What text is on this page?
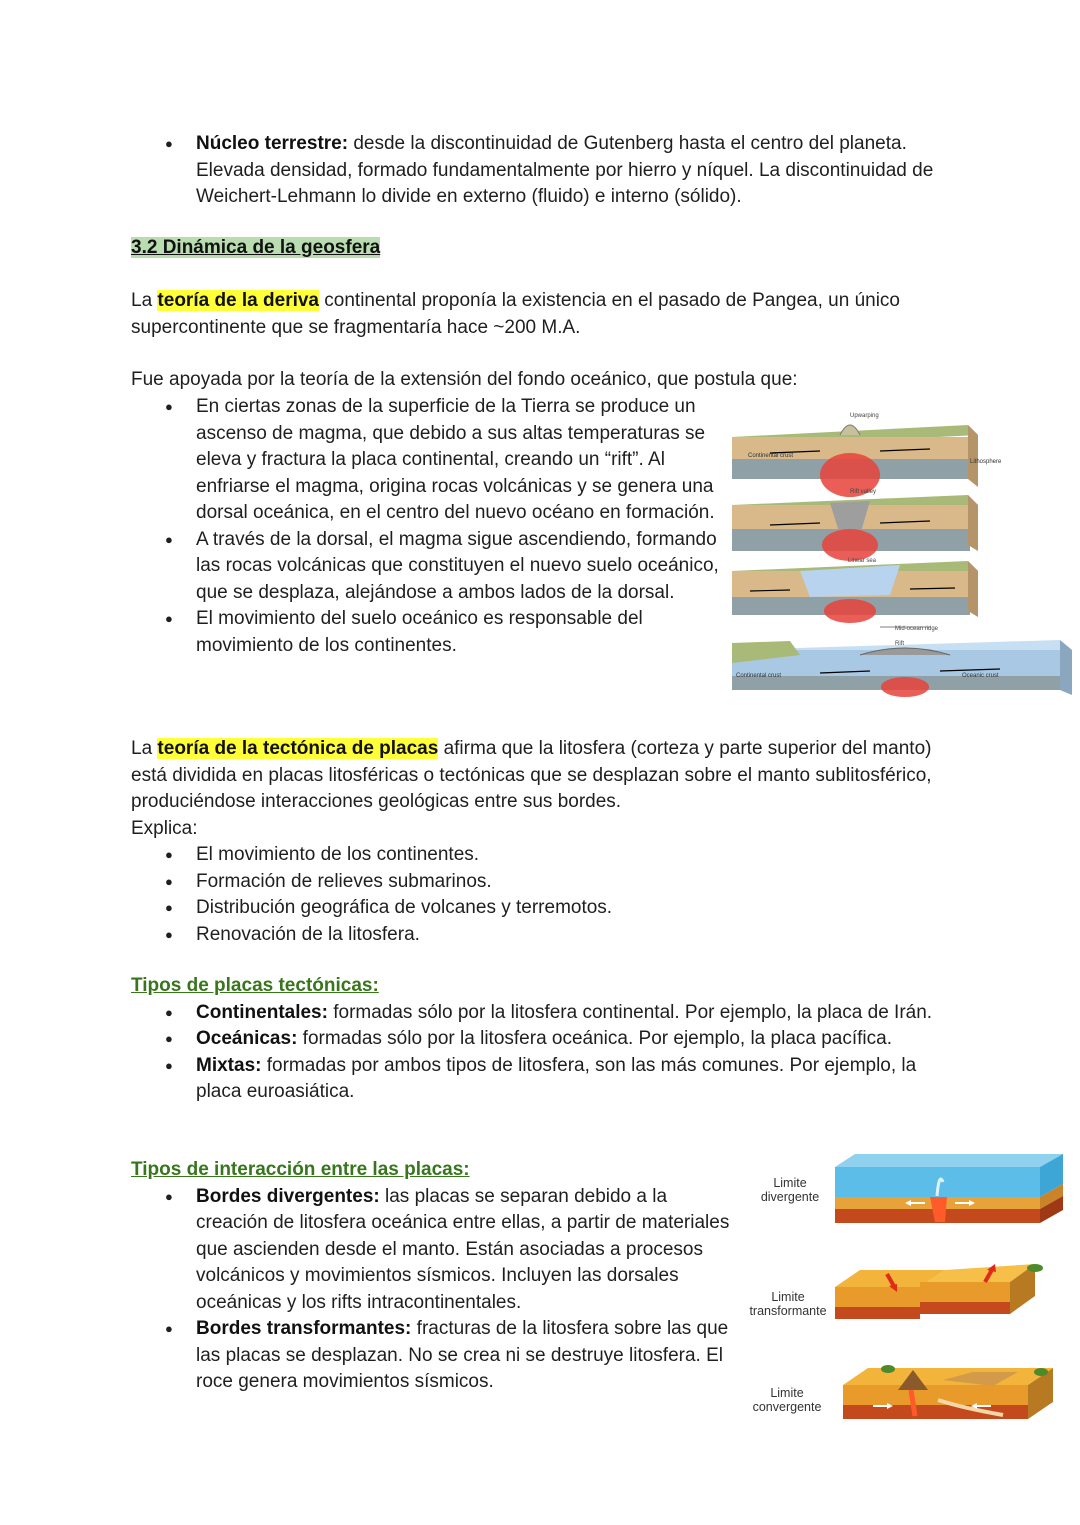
● Núcleo terrestre: desde la discontinuidad de Gutenberg hasta el centro del planeta. Elevada densidad, formado fundamentalmente por hierro y níquel. La discontinuidad de Weichert-Lehmann lo divide en externo (fluido) e interno (sólido).
3.2 Dinámica de la geosfera

La teoría de la deriva continental proponía la existencia en el pasado de Pangea, un único supercontinente que se fragmentaría hace ~200 M.A.

Fue apoyada por la teoría de la extensión del fondo oceánico, que postula que:

● En ciertas zonas de la superficie de la Tierra se produce un ascenso de magma, que debido a sus altas temperaturas se eleva y fractura la placa continental, creando un “rift”. Al enfriarse el magma, origina rocas volcánicas y se genera una dorsal oceánica, en el centro del nuevo océano en formación.
● A través de la dorsal, el magma sigue ascendiendo, formando las rocas volcánicas que constituyen el nuevo suelo oceánico, que se desplaza, alejándose a ambos lados de la dorsal.
● El movimiento del suelo oceánico es responsable del movimiento de los continentes.
Upwarping
Continental crust
Lithosphere
Rift valley
Linear sea
Mid-ocean ridge
Rift
Continental crust	Oceanic crust

La teoría de la tectónica de placas afirma que la litosfera (corteza y parte superior del manto) está dividida en placas litosféricas o tectónicas que se desplazan sobre el manto sublitosférico, produciéndose interacciones geológicas entre sus bordes.

Explica:

● El movimiento de los continentes.
● Formación de relieves submarinos.
● Distribución geográfica de volcanes y terremotos.
● Renovación de la litosfera.

Tipos de placas tectónicas:

● Continentales: formadas sólo por la litosfera continental. Por ejemplo, la placa de Irán.
● Oceánicas: formadas sólo por la litosfera oceánica. Por ejemplo, la placa pacífica.
● Mixtas: formadas por ambos tipos de litosfera, son las más comunes. Por ejemplo, la placa euroasiática.

Tipos de interacción entre las placas:

● Bordes divergentes: las placas se separan debido a la creación de litosfera oceánica entre ellas, a partir de materiales que ascienden desde el manto. Están asociadas a procesos volcánicos y movimientos sísmicos. Incluyen las dorsales oceánicas y los rifts intracontinentales.
● Bordes transformantes: fracturas de la litosfera sobre las que las placas se desplazan. No se crea ni se destruye litosfera. El roce genera movimientos sísmicos.
Limite
divergente
Limite
transformante
Limite
convergente
